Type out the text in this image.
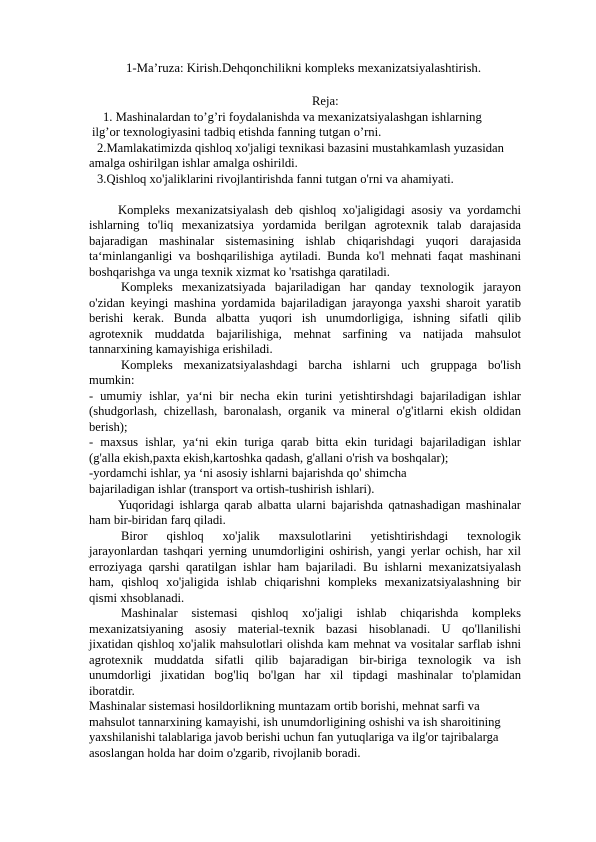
1-Ma’ruza: Kirish.Dehqonchilikni kompleks mexanizatsiyalashtirish.
Reja:
1. Mashinalardan to’g’ri foydalanishda va mexanizatsiyalashgan ishlarning
ilg’or texnologiyasini tadbiq etishda fanning tutgan o’rni.
2.Mamlakatimizda qishloq xo'jaligi texnikasi bazasini mustahkamlash yuzasidan
amalga oshirilgan ishlar amalga oshirildi.
3.Qishloq xo'jaliklarini rivojlantirishda fanni tutgan o'rni va ahamiyati.
Kompleks mexanizatsiyalash deb qishloq xo'jaligidagi asosiy va yordamchi
ishlarning to'liq mexanizatsiya yordamida berilgan agrotexnik talab darajasida
bajaradigan mashinalar sistemasining ishlab chiqarishdagi yuqori darajasida
ta‘minlanganligi va boshqarilishiga aytiladi. Bunda ko'l mehnati faqat mashinani
boshqarishga va unga texnik xizmat ko 'rsatishga qaratiladi.
Kompleks mexanizatsiyada bajariladigan har qanday texnologik jarayon
o'zidan keyingi mashina yordamida bajariladigan jarayonga yaxshi sharoit yaratib
berishi kerak. Bunda albatta yuqori ish unumdorligiga, ishning sifatli qilib
agrotexnik muddatda bajarilishiga, mehnat sarfining va natijada mahsulot
tannarxining kamayishiga erishiladi.
Kompleks mexanizatsiyalashdagi barcha ishlarni uch gruppaga bo'lish
mumkin:
- umumiy ishlar, ya‘ni bir necha ekin turini yetishtirshdagi bajariladigan ishlar
(shudgorlash, chizellash, baronalash, organik va mineral o'g'itlarni ekish oldidan
berish);
- maxsus ishlar, ya‘ni ekin turiga qarab bitta ekin turidagi bajariladigan ishlar
(g'alla ekish,paxta ekish,kartoshka qadash, g'allani o'rish va boshqalar);
-yordamchi ishlar, ya ‘ni asosiy ishlarni bajarishda qo' shimcha
bajariladigan ishlar (transport va ortish-tushirish ishlari).
Yuqoridagi ishlarga qarab albatta ularni bajarishda qatnashadigan mashinalar
ham bir-biridan farq qiladi.
Biror qishloq xo'jalik maxsulotlarini yetishtirishdagi texnologik
jarayonlardan tashqari yerning unumdorligini oshirish, yangi yerlar ochish, har xil
erroziyaga qarshi qaratilgan ishlar ham bajariladi. Bu ishlarni mexanizatsiyalash
ham, qishloq xo'jaligida ishlab chiqarishni kompleks mexanizatsiyalashning bir
qismi xhsoblanadi.
Mashinalar sistemasi qishloq xo'jaligi ishlab chiqarishda kompleks
mexanizatsiyaning asosiy material-texnik bazasi hisoblanadi. U qo'llanilishi
jixatidan qishloq xo'jalik mahsulotlari olishda kam mehnat va vositalar sarflab ishni
agrotexnik muddatda sifatli qilib bajaradigan bir-biriga texnologik va ish
unumdorligi jixatidan bog'liq bo'lgan har xil tipdagi mashinalar to'plamidan
iboratdir.
Mashinalar sistemasi hosildorlikning muntazam ortib borishi, mehnat sarfi va
mahsulot tannarxining kamayishi, ish unumdorligining oshishi va ish sharoitining
yaxshilanishi talablariga javob berishi uchun fan yutuqlariga va ilg'or tajribalarga
asoslangan holda har doim o'zgarib, rivojlanib boradi.
